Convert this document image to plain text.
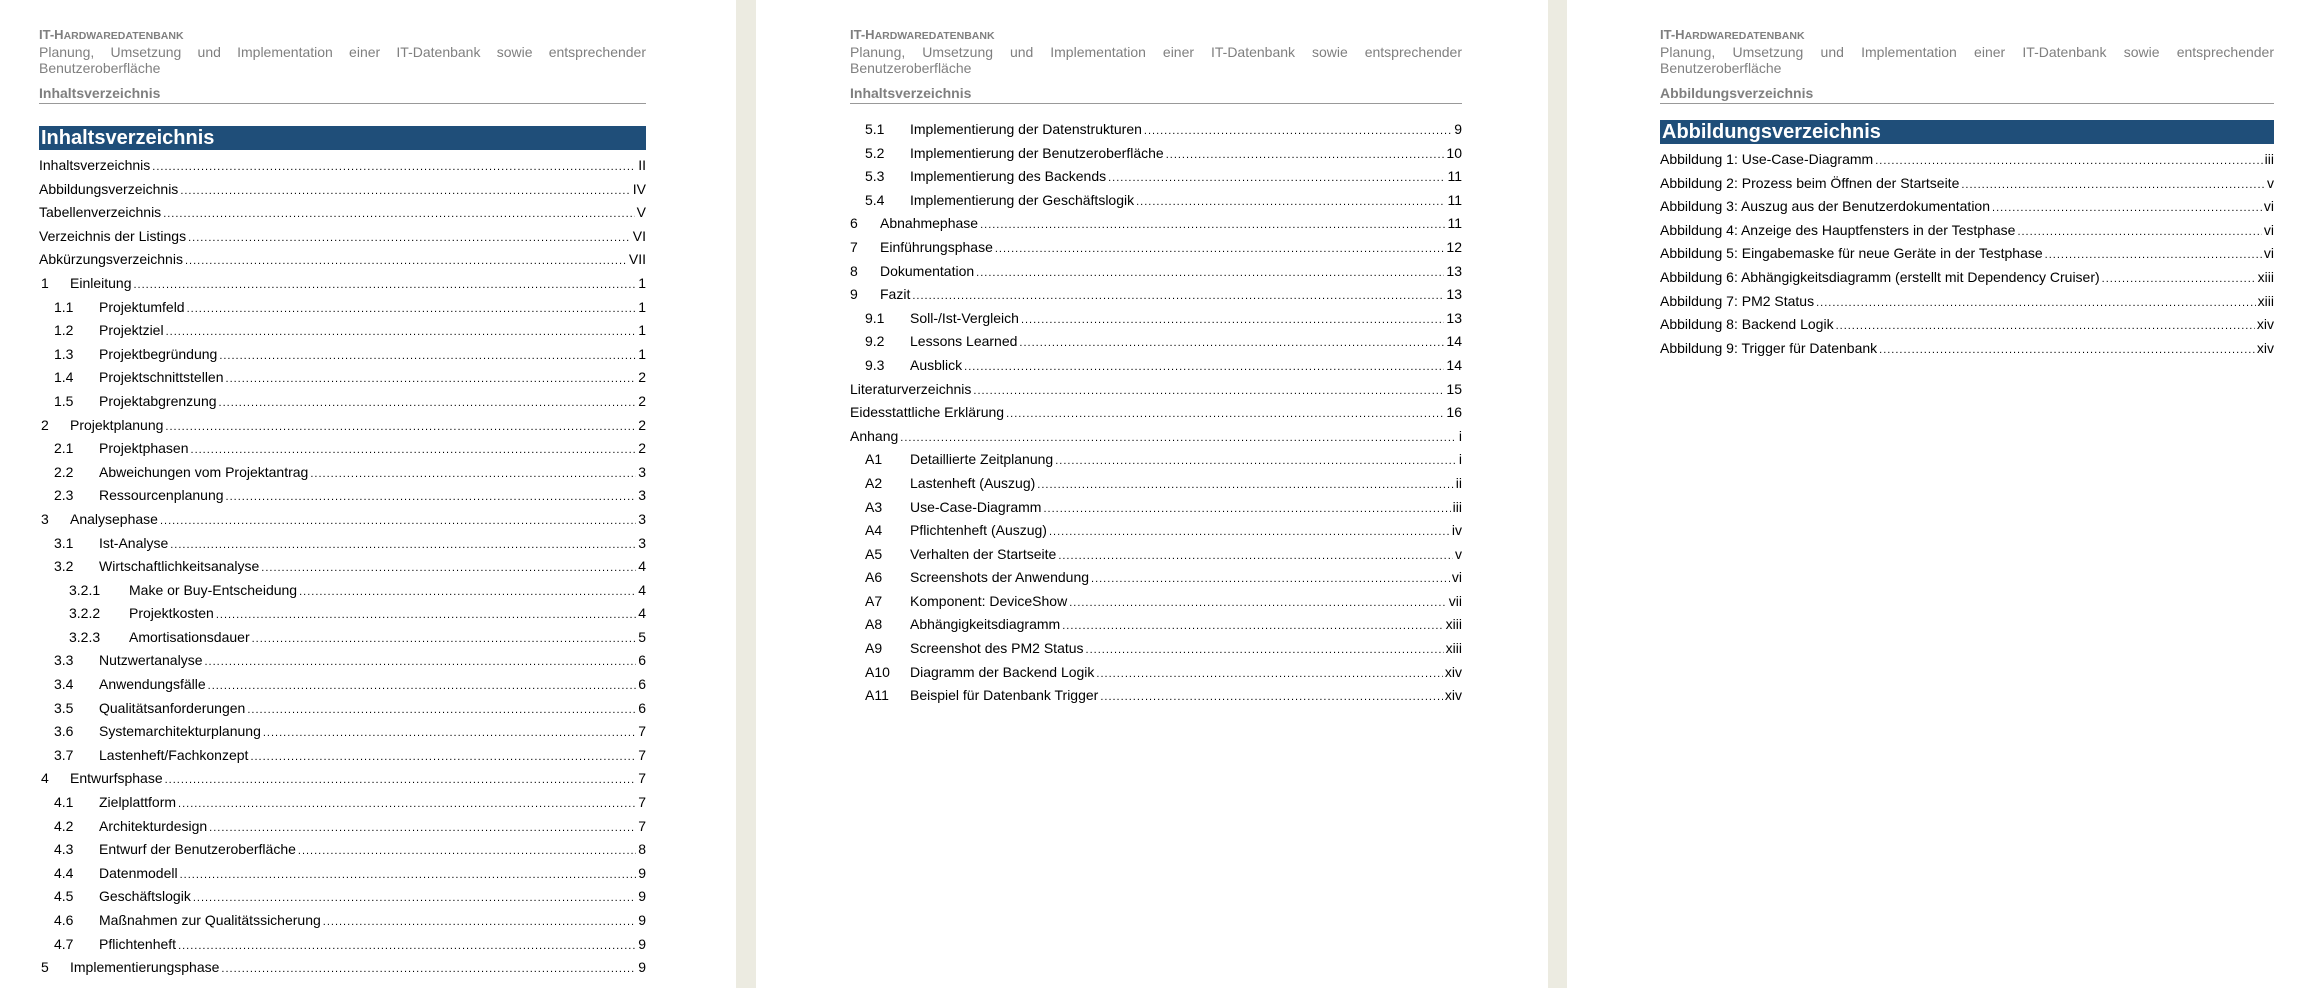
IT-HARDWAREDATENBANK
Planung, Umsetzung und Implementation einer IT-Datenbank sowie entsprechender Benutzeroberfläche
Inhaltsverzeichnis
Inhaltsverzeichnis
Inhaltsverzeichnis .....	II
Abbildungsverzeichnis .....	IV
Tabellenverzeichnis .....	V
Verzeichnis der Listings .....	VI
Abkürzungsverzeichnis .....	VII
1	Einleitung .....	1
1.1	Projektumfeld .....	1
1.2	Projektziel .....	1
1.3	Projektbegründung .....	1
1.4	Projektschnittstellen .....	2
1.5	Projektabgrenzung .....	2
2	Projektplanung .....	2
2.1	Projektphasen .....	2
2.2	Abweichungen vom Projektantrag .....	3
2.3	Ressourcenplanung .....	3
3	Analysephase .....	3
3.1	Ist-Analyse .....	3
3.2	Wirtschaftlichkeitsanalyse .....	4
3.2.1	Make or Buy-Entscheidung .....	4
3.2.2	Projektkosten .....	4
3.2.3	Amortisationsdauer .....	5
3.3	Nutzwertanalyse .....	6
3.4	Anwendungsfälle .....	6
3.5	Qualitätsanforderungen .....	6
3.6	Systemarchitekturplanung .....	7
3.7	Lastenheft/Fachkonzept .....	7
4	Entwurfsphase .....	7
4.1	Zielplattform .....	7
4.2	Architekturdesign .....	7
4.3	Entwurf der Benutzeroberfläche .....	8
4.4	Datenmodell .....	9
4.5	Geschäftslogik .....	9
4.6	Maßnahmen zur Qualitätssicherung .....	9
4.7	Pflichtenheft .....	9
5	Implementierungsphase .....	9
IT-HARDWAREDATENBANK
Planung, Umsetzung und Implementation einer IT-Datenbank sowie entsprechender Benutzeroberfläche
Inhaltsverzeichnis
5.1	Implementierung der Datenstrukturen .....	9
5.2	Implementierung der Benutzeroberfläche .....	10
5.3	Implementierung des Backends .....	11
5.4	Implementierung der Geschäftslogik .....	11
6	Abnahmephase .....	11
7	Einführungsphase .....	12
8	Dokumentation .....	13
9	Fazit .....	13
9.1	Soll-/Ist-Vergleich .....	13
9.2	Lessons Learned .....	14
9.3	Ausblick .....	14
Literaturverzeichnis .....	15
Eidesstattliche Erklärung .....	16
Anhang .....	i
A1	Detaillierte Zeitplanung .....	i
A2	Lastenheft (Auszug) .....	ii
A3	Use-Case-Diagramm .....	iii
A4	Pflichtenheft (Auszug) .....	iv
A5	Verhalten der Startseite .....	v
A6	Screenshots der Anwendung .....	vi
A7	Komponent: DeviceShow .....	vii
A8	Abhängigkeitsdiagramm .....	xiii
A9	Screenshot des PM2 Status .....	xiii
A10	Diagramm der Backend Logik .....	xiv
A11	Beispiel für Datenbank Trigger .....	xiv
IT-HARDWAREDATENBANK
Planung, Umsetzung und Implementation einer IT-Datenbank sowie entsprechender Benutzeroberfläche
Abbildungsverzeichnis
Abbildungsverzeichnis
Abbildung 1: Use-Case-Diagramm .....	iii
Abbildung 2: Prozess beim Öffnen der Startseite .....	v
Abbildung 3: Auszug aus der Benutzerdokumentation .....	vi
Abbildung 4: Anzeige des Hauptfensters in der Testphase .....	vi
Abbildung 5: Eingabemaske für neue Geräte in der Testphase .....	vi
Abbildung 6: Abhängigkeitsdiagramm (erstellt mit Dependency Cruiser) .....	xiii
Abbildung 7: PM2 Status .....	xiii
Abbildung 8: Backend Logik .....	xiv
Abbildung 9: Trigger für Datenbank .....	xiv
